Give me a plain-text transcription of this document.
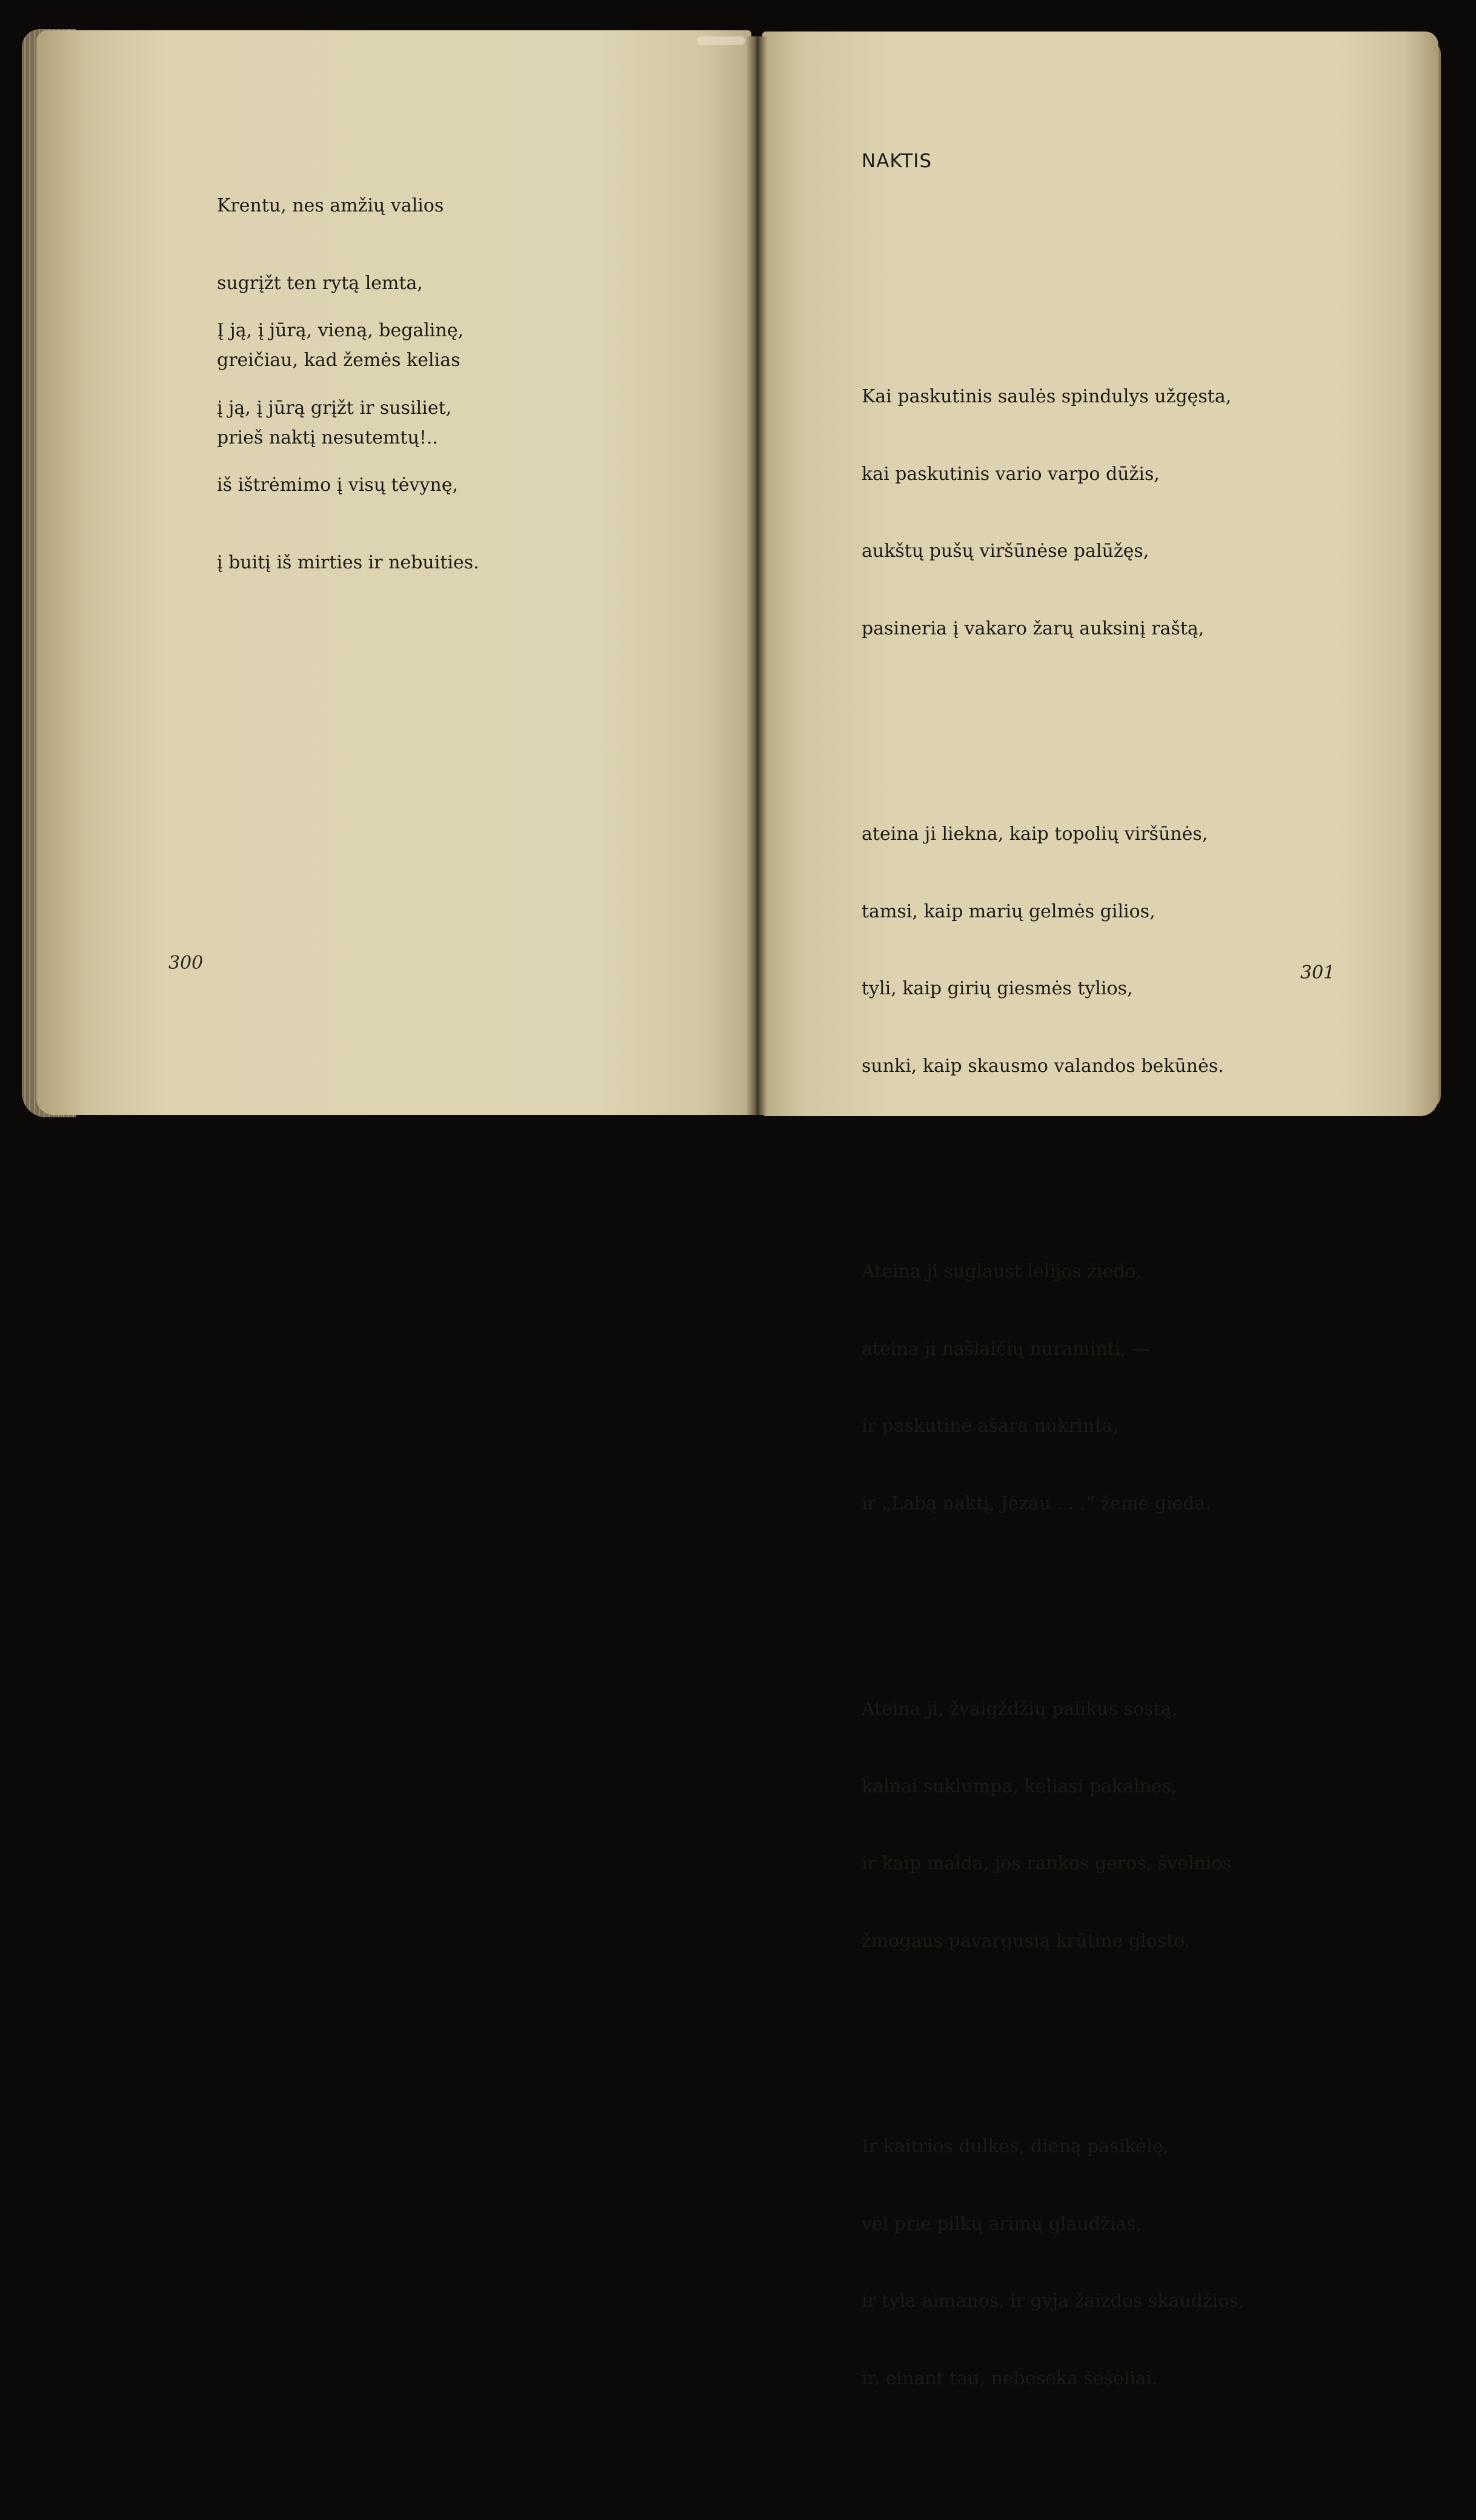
Krentu, nes amžių valios

sugrįžt ten rytą lemta,

greičiau, kad žemės kelias

prieš naktį nesutemtų!..

Į ją, į jūrą, vieną, begalinę,

į ją, į jūrą grįžt ir susiliet,

iš ištrėmimo į visų tėvynę,

į buitį iš mirties ir nebuities.

300
NAKTIS

Kai paskutinis saulės spindulys užgęsta,

kai paskutinis vario varpo dūžis,

aukštų pušų viršūnėse palūžęs,

pasineria į vakaro žarų auksinį raštą,

ateina ji liekna, kaip topolių viršūnės,

tamsi, kaip marių gelmės gilios,

tyli, kaip girių giesmės tylios,

sunki, kaip skausmo valandos bekūnės.

Ateina ji suglaust lelijos žiedo,

ateina ji našlaičių nuraminti, —

ir paskutinė ašara nukrinta,

ir „Labą naktį, Jėzau . . .“ žemė gieda.

Ateina ji, žvaigždžių palikus sostą,

kalnai suklumpa, keliasi pakalnės,

ir kaip malda, jos rankos geros, švelnios

žmogaus pavargusią krūtinę glosto.

Ir kaitrios dulkės, dieną pasikėlę,

vėl prie pilkų arimų glaudžias,

ir tyla aimanos, ir gyja žaizdos skaudžios,

ir, einant tau, nebeseka šešėliai.

301
